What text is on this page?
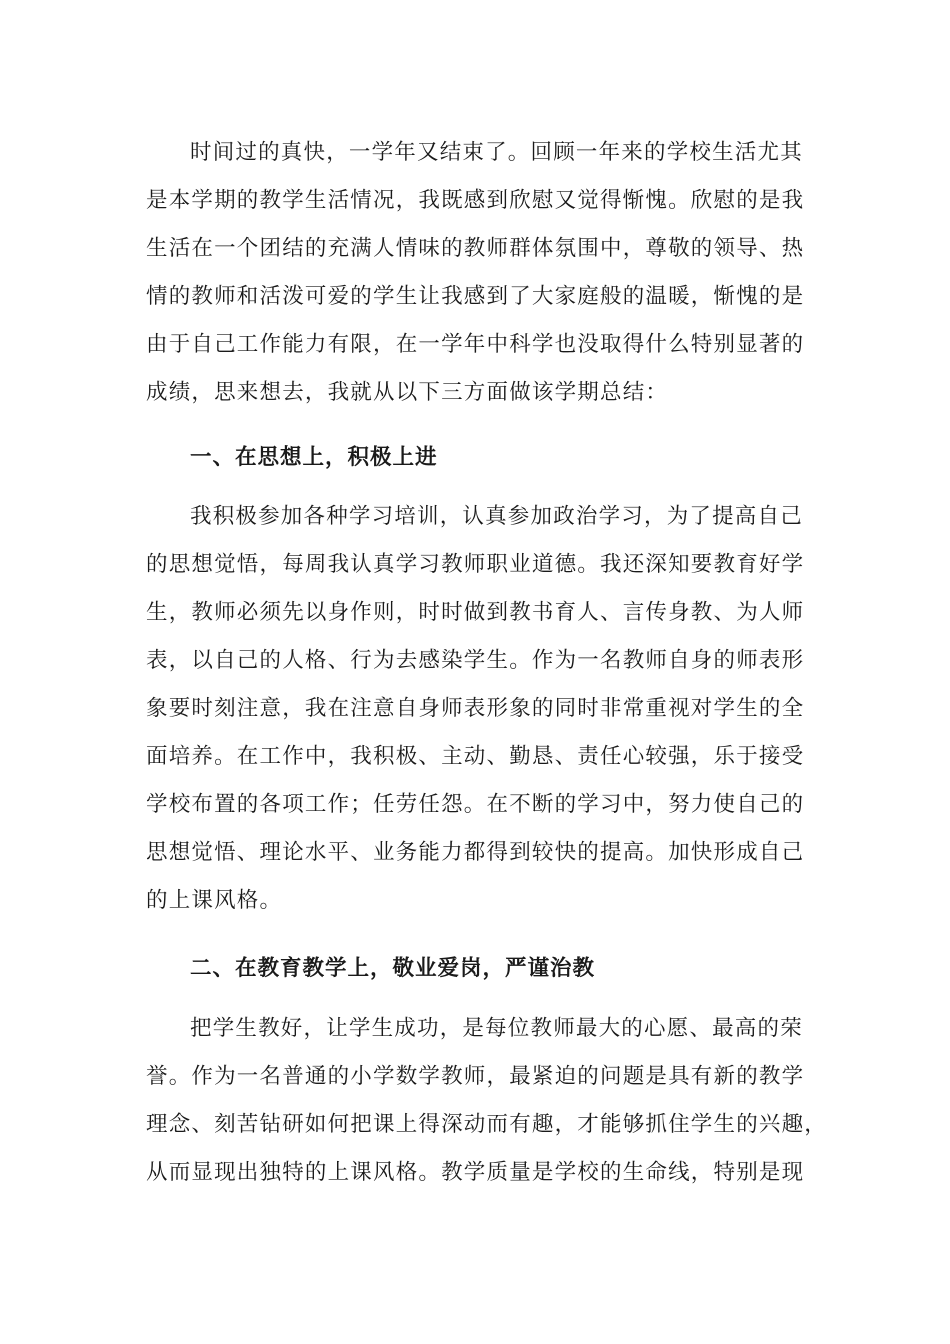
时间过的真快，一学年又结束了。回顾一年来的学校生活尤其
是本学期的教学生活情况，我既感到欣慰又觉得惭愧。欣慰的是我
生活在一个团结的充满人情味的教师群体氛围中，尊敬的领导、热
情的教师和活泼可爱的学生让我感到了大家庭般的温暖，惭愧的是
由于自己工作能力有限，在一学年中科学也没取得什么特别显著的
成绩，思来想去，我就从以下三方面做该学期总结：
一、在思想上，积极上进
我积极参加各种学习培训，认真参加政治学习，为了提高自己
的思想觉悟，每周我认真学习教师职业道德。我还深知要教育好学
生，教师必须先以身作则，时时做到教书育人、言传身教、为人师
表，以自己的人格、行为去感染学生。作为一名教师自身的师表形
象要时刻注意，我在注意自身师表形象的同时非常重视对学生的全
面培养。在工作中，我积极、主动、勤恳、责任心较强，乐于接受
学校布置的各项工作；任劳任怨。在不断的学习中，努力使自己的
思想觉悟、理论水平、业务能力都得到较快的提高。加快形成自己
的上课风格。
二、在教育教学上，敬业爱岗，严谨治教
把学生教好，让学生成功，是每位教师最大的心愿、最高的荣
誉。作为一名普通的小学数学教师，最紧迫的问题是具有新的教学
理念、刻苦钻研如何把课上得深动而有趣，才能够抓住学生的兴趣，
从而显现出独特的上课风格。教学质量是学校的生命线，特别是现
